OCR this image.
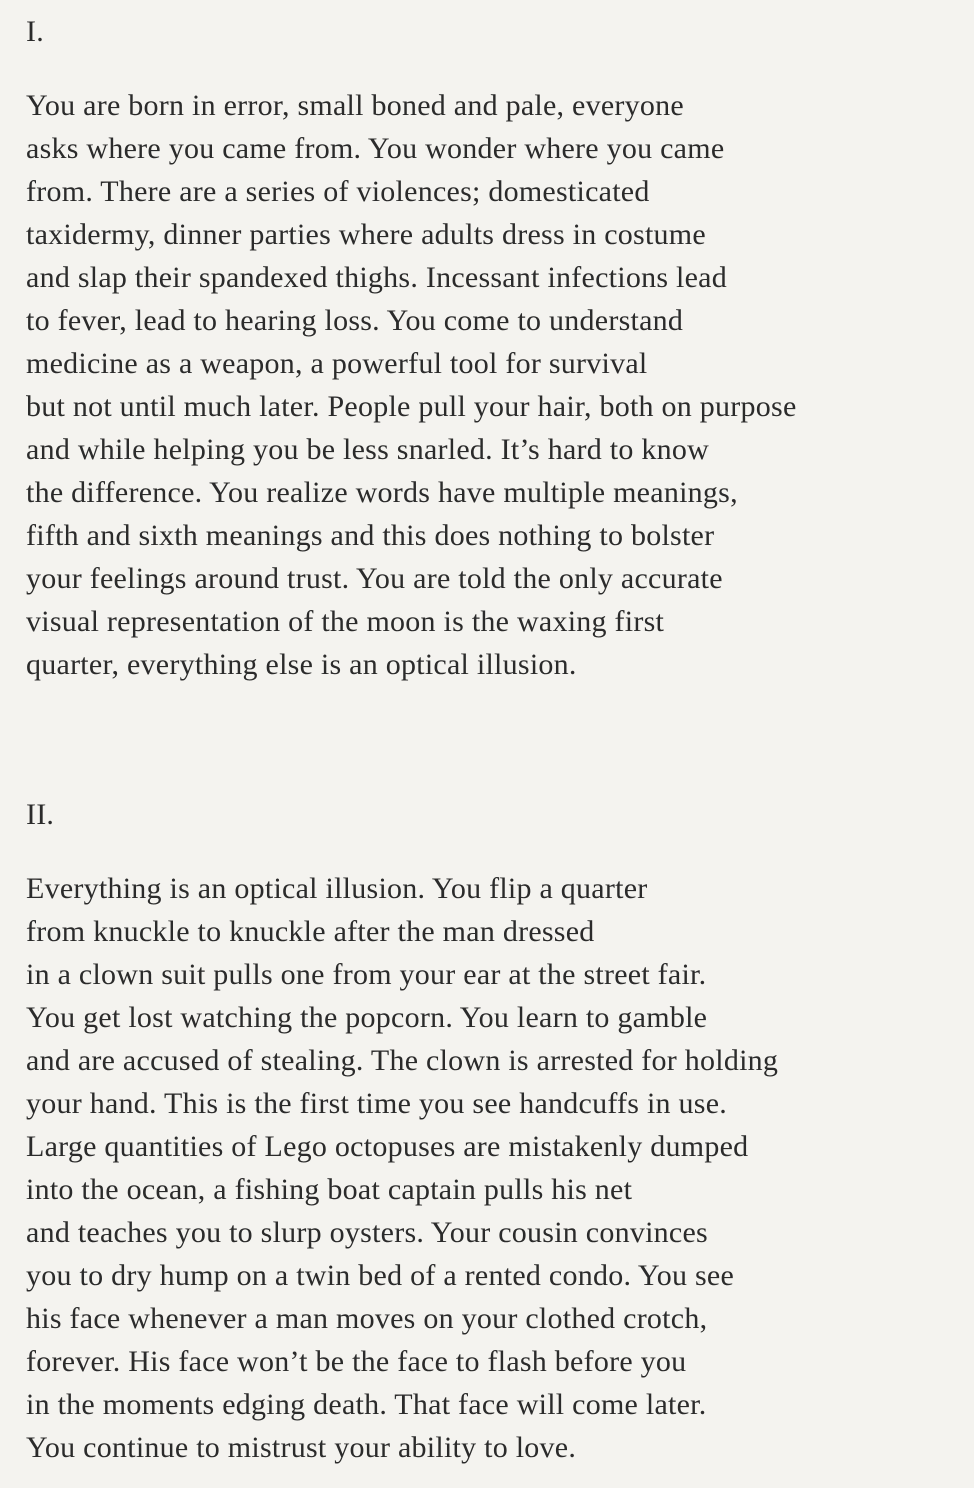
I.
You are born in error, small boned and pale, everyone
asks where you came from. You wonder where you came
from. There are a series of violences; domesticated
taxidermy, dinner parties where adults dress in costume
and slap their spandexed thighs. Incessant infections lead
to fever, lead to hearing loss. You come to understand
medicine as a weapon, a powerful tool for survival
but not until much later. People pull your hair, both on purpose
and while helping you be less snarled. It’s hard to know
the difference. You realize words have multiple meanings,
fifth and sixth meanings and this does nothing to bolster
your feelings around trust. You are told the only accurate
visual representation of the moon is the waxing first
quarter, everything else is an optical illusion.
II.
Everything is an optical illusion. You flip a quarter
from knuckle to knuckle after the man dressed
in a clown suit pulls one from your ear at the street fair.
You get lost watching the popcorn. You learn to gamble
and are accused of stealing. The clown is arrested for holding
your hand. This is the first time you see handcuffs in use.
Large quantities of Lego octopuses are mistakenly dumped
into the ocean, a fishing boat captain pulls his net
and teaches you to slurp oysters. Your cousin convinces
you to dry hump on a twin bed of a rented condo. You see
his face whenever a man moves on your clothed crotch,
forever. His face won’t be the face to flash before you
in the moments edging death. That face will come later.
You continue to mistrust your ability to love.
